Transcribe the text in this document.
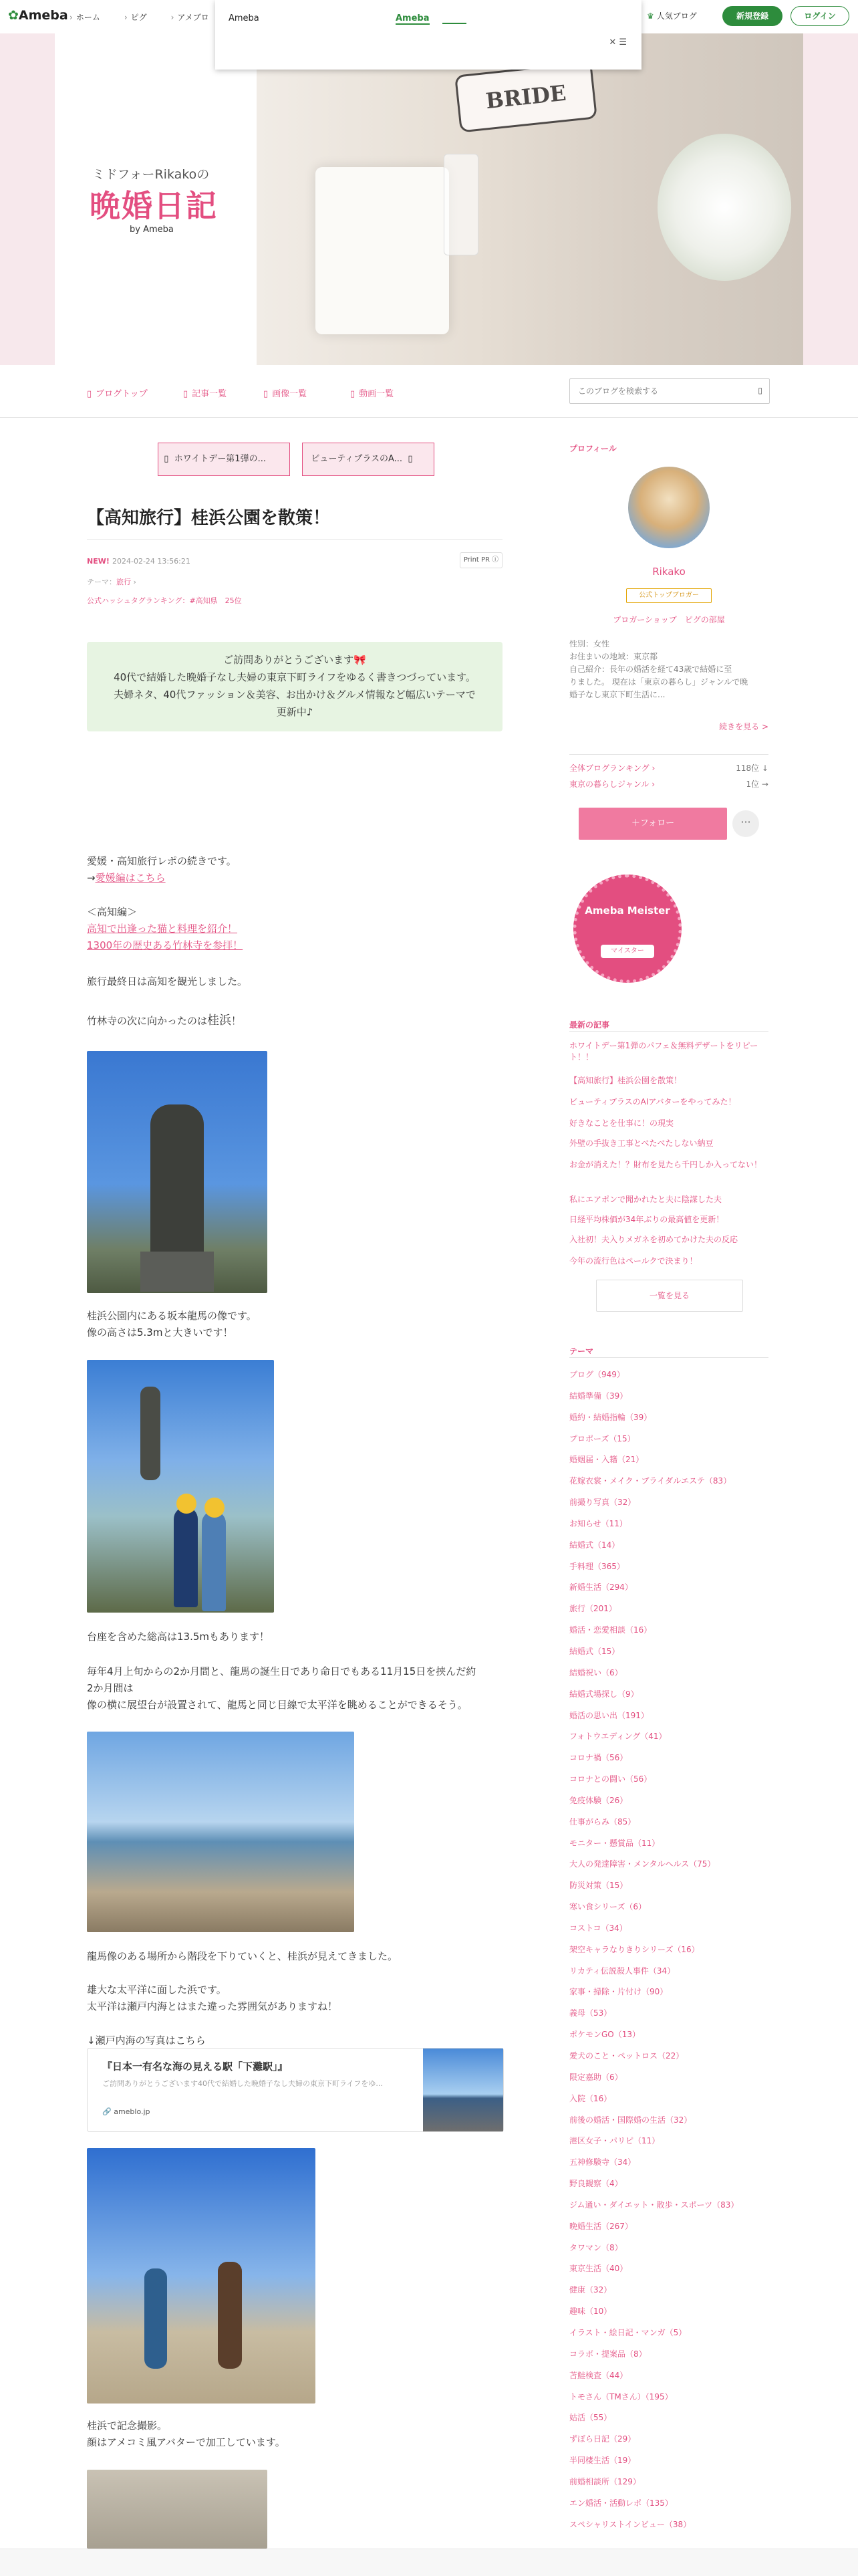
✿Ameba	› ホーム	› ピグ	› アメブロ	♛ 人気ブログ	新規登録	ログイン
Ameba	Ameba
✕ ☰
BRIDE
ミドフォーRikakoの
晩婚日記
by Ameba
▯ ブログトップ	▯ 記事一覧	▯ 画像一覧	▯ 動画一覧
このブログを検索する	▯
▯ ホワイトデー第1弾の...	ビューティプラスのA... ▯
【高知旅行】桂浜公園を散策！
NEW! 2024-02-24 13:56:21	Print PR ⓘ
テーマ：旅行 ›
公式ハッシュタグランキング：#高知県　25位
ご訪問ありがとうございます🎀
40代で結婚した晩婚子なし夫婦の東京下町ライフをゆるく書きつづっています。
夫婦ネタ、40代ファッション＆美容、お出かけ＆グルメ情報など幅広いテーマで
更新中♪
愛媛・高知旅行レポの続きです。
→愛媛編はこちら
＜高知編＞
高知で出逢った猫と料理を紹介！
1300年の歴史ある竹林寺を参拝！
旅行最終日は高知を観光しました。
竹林寺の次に向かったのは桂浜！
桂浜公園内にある坂本龍馬の像です。
像の高さは5.3mと大きいです！
台座を含めた総高は13.5mもあります！
毎年4月上旬からの2か月間と、龍馬の誕生日であり命日でもある11月15日を挟んだ約
2か月間は
像の横に展望台が設置されて、龍馬と同じ目線で太平洋を眺めることができるそう。
龍馬像のある場所から階段を下りていくと、桂浜が見えてきました。
雄大な太平洋に面した浜です。
太平洋は瀬戸内海とはまた違った雰囲気がありますね！
↓瀬戸内海の写真はこちら
『日本一有名な海の見える駅「下灘駅」』
ご訪問ありがとうございます40代で結婚した晩婚子なし夫婦の東京下町ライフをゆ...
🔗 ameblo.jp
桂浜で記念撮影。
顔はアメコミ風アバターで加工しています。
プロフィール
Rikako
公式トップブロガー
プロガーショップ　ピグの部屋
性別：女性
お住まいの地域：東京都
自己紹介：長年の婚活を経て43歳で結婚に至
りました。 現在は「東京の暮らし」ジャンルで晩
婚子なし東京下町生活に...
続きを見る >
全体ブログランキング ›	118位 ↓
東京の暮らしジャンル ›	1位 →
＋フォロー	···
Ameba Meister
マイスター
最新の記事
ホワイトデー第1弾のパフェ＆無料デザートをリピート！！
【高知旅行】桂浜公園を散策！
ビューティプラスのAIアバターをやってみた！
好きなことを仕事に！の現実
外壁の手抜き工事とべたべたしない納豆
お金が消えた！？財布を見たら千円しか入ってない！
私にエアポンで聞かれたと夫に陰謀した夫
日経平均株価が34年ぶりの最高値を更新！
入社初！夫入りメガネを初めてかけた夫の反応
今年の流行色はペールクで決まり！
一覧を見る
テーマ
ブログ（949）
結婚準備（39）
婚約・結婚指輪（39）
プロポーズ（15）
婚姻届・入籍（21）
花嫁衣裳・メイク・ブライダルエステ（83）
前撮り写真（32）
お知らせ（11）
結婚式（14）
手料理（365）
新婚生活（294）
旅行（201）
婚活・恋愛相談（16）
結婚式（15）
結婚祝い（6）
結婚式場探し（9）
婚活の思い出（191）
フォトウエディング（41）
コロナ禍（56）
コロナとの闘い（56）
免疫体験（26）
仕事がらみ（85）
モニター・懸賞品（11）
大人の発達障害・メンタルヘルス（75）
防災対策（15）
寒い食シリーズ（6）
コストコ（34）
架空キャラなりきりシリーズ（16）
リカティ伝説殺人事件（34）
家事・掃除・片付け（90）
義母（53）
ポケモンGO（13）
愛犬のこと・ペットロス（22）
限定嘉助（6）
入院（16）
前後の婚活・国際婚の生活（32）
港区女子・パリピ（11）
五神修験寺（34）
野良観察（4）
ジム通い・ダイエット・散歩・スポーツ（83）
晩婚生活（267）
タワマン（8）
東京生活（40）
健康（32）
趣味（10）
イラスト・絵日記・マンガ（5）
コラボ・提案品（8）
苫鮭検査（44）
トモさん（TMさん）（195）
姑活（55）
ずぼら日記（29）
半同棲生活（19）
前婚相談所（129）
エン婚活・活動レポ（135）
スペシャリストインビュー（38）
